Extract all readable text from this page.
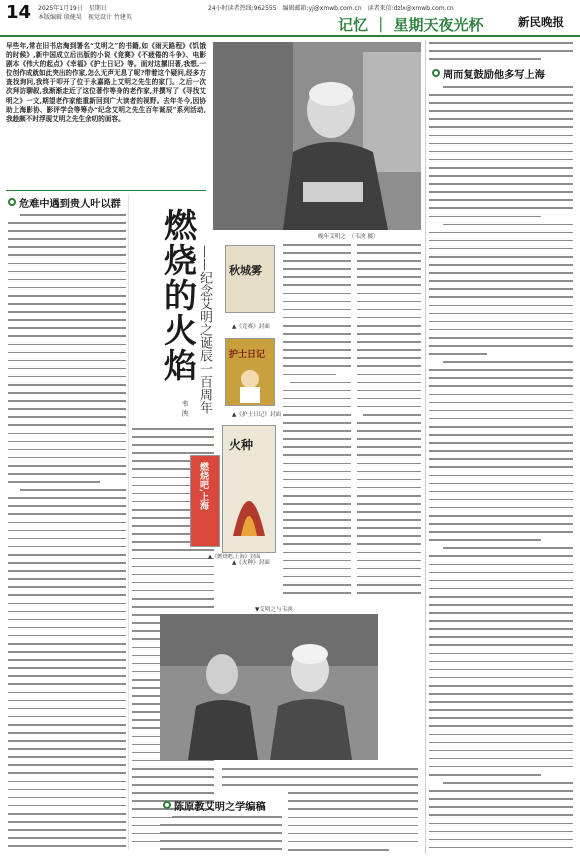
14 2025年1月19日　星期日
本版编辑 殷健昊　视觉设计 竹建英
24小时读者热线:962555　编辑邮箱:yj@xmwb.com.cn　读者来信:dzlx@xmwb.com.cn
记忆 ｜ 星期天夜光杯	新民晚报
早些年,常在旧书店淘到署名“艾明之”的书籍,如《雨天路程》《饥饿的时候》,新中国成立后出版的小说《竞赛》《不疲倦的斗争》、电影剧本《伟大的起点》《幸福》《护士日记》等。面对这摞旧著,我想,一位创作成就如此突出的作家,怎么无声无息了呢?带着这个疑问,经多方查找询问,我终于叩开了位于永嘉路上艾明之先生的家门。之后一次次拜访聊叙,我渐渐走近了这位著作等身的老作家,并撰写了《寻找艾明之》一文,期望老作家能重新回到广大读者的视野。去年冬今,因协助上海影协、影评学会等筹办“纪念艾明之先生百年诞辰”系列活动,我趁颇不时浮现艾明之先生余叨的面容。
晚年艾明之　（韦泱 摄）
危难中遇到贵人叶以群
燃烧的火焰 ——纪念艾明之诞辰一百周年
韦 泱
秋城雾
▲《竞赛》封面
护士日记
▲《护士日记》封面
火种
▲《火种》封面
燃烧吧,上海
▲《燃烧吧,上海》封面
▼艾明之与韦泱
陈原教艾明之学编稿
周而复鼓励他多写上海
